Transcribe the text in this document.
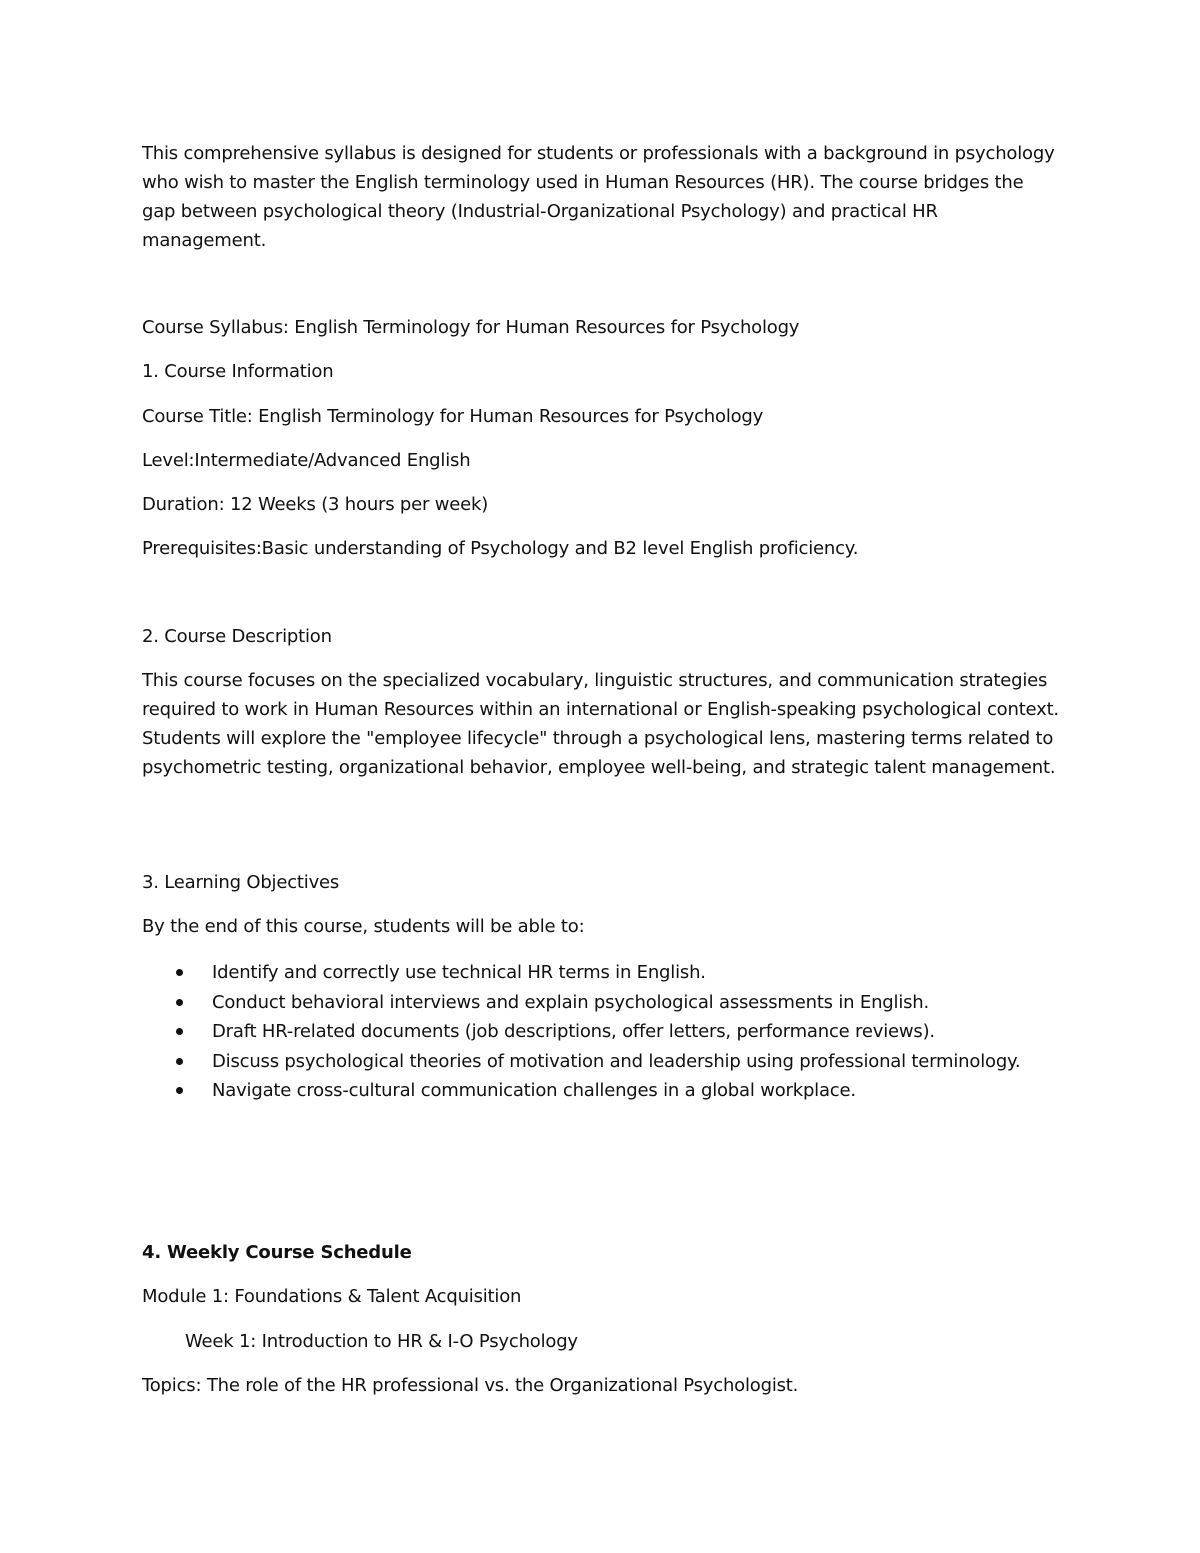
This comprehensive syllabus is designed for students or professionals with a background in psychology who wish to master the English terminology used in Human Resources (HR). The course bridges the gap between psychological theory (Industrial-Organizational Psychology) and practical HR management.

Course Syllabus: English Terminology for Human Resources for Psychology

1. Course Information

Course Title: English Terminology for Human Resources for Psychology

Level:Intermediate/Advanced English

Duration: 12 Weeks (3 hours per week)

Prerequisites:Basic understanding of Psychology and B2 level English proficiency.

2. Course Description

This course focuses on the specialized vocabulary, linguistic structures, and communication strategies required to work in Human Resources within an international or English-speaking psychological context. Students will explore the "employee lifecycle" through a psychological lens, mastering terms related to psychometric testing, organizational behavior, employee well-being, and strategic talent management.

3. Learning Objectives

By the end of this course, students will be able to:

Identify and correctly use technical HR terms in English.
Conduct behavioral interviews and explain psychological assessments in English.
Draft HR-related documents (job descriptions, offer letters, performance reviews).
Discuss psychological theories of motivation and leadership using professional terminology.
Navigate cross-cultural communication challenges in a global workplace.

4. Weekly Course Schedule

Module 1: Foundations & Talent Acquisition

Week 1: Introduction to HR & I-O Psychology

Topics: The role of the HR professional vs. the Organizational Psychologist.
